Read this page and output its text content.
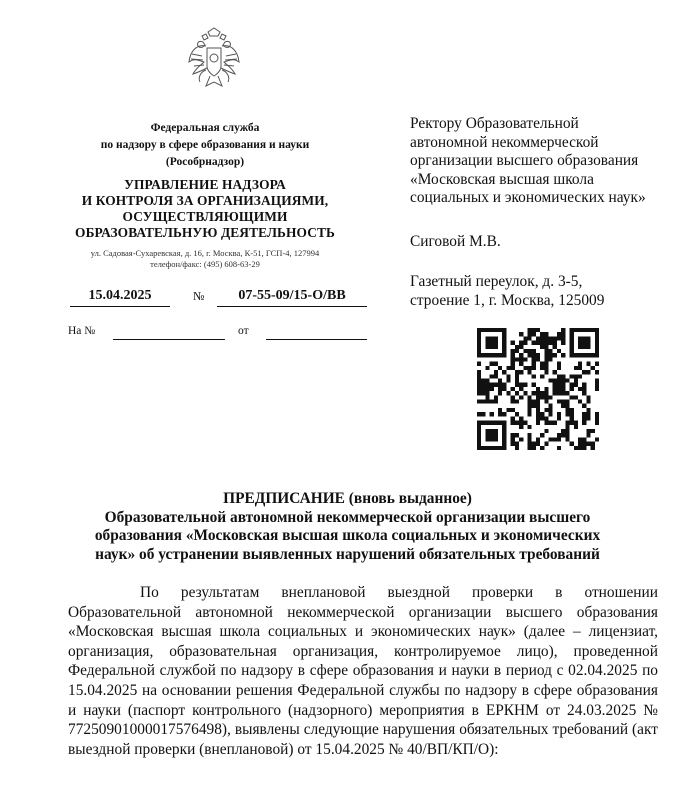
Федеральная служба
по надзору в сфере образования и науки
(Рособрнадзор)
УПРАВЛЕНИЕ НАДЗОРА
И КОНТРОЛЯ ЗА ОРГАНИЗАЦИЯМИ,
ОСУЩЕСТВЛЯЮЩИМИ
ОБРАЗОВАТЕЛЬНУЮ ДЕЯТЕЛЬНОСТЬ
ул. Садовая-Сухаревская, д. 16, г. Москва, К-51, ГСП-4, 127994
телефон/факс: (495) 608-63-29
15.04.2025	№	07-55-09/15-О/ВВ
На №	от
Ректору Образовательной
автономной некоммерческой
организации высшего образования
«Московская высшая школа
социальных и экономических наук»
Сиговой М.В.
Газетный переулок, д. 3-5,
строение 1, г. Москва, 125009
ПРЕДПИСАНИЕ (вновь выданное)
Образовательной автономной некоммерческой организации высшего
образования «Московская высшая школа социальных и экономических
наук» об устранении выявленных нарушений обязательных требований
По результатам внеплановой выездной проверки в отношении Образовательной автономной некоммерческой организации высшего образования «Московская высшая школа социальных и экономических наук» (далее – лицензиат, организация, образовательная организация, контролируемое лицо), проведенной Федеральной службой по надзору в сфере образования и науки в период с 02.04.2025 по 15.04.2025 на основании решения Федеральной службы по надзору в сфере образования и науки (паспорт контрольного (надзорного) мероприятия в ЕРКНМ от 24.03.2025 № 77250901000017576498), выявлены следующие нарушения обязательных требований (акт выездной проверки (внеплановой) от 15.04.2025 № 40/ВП/КП/О):
